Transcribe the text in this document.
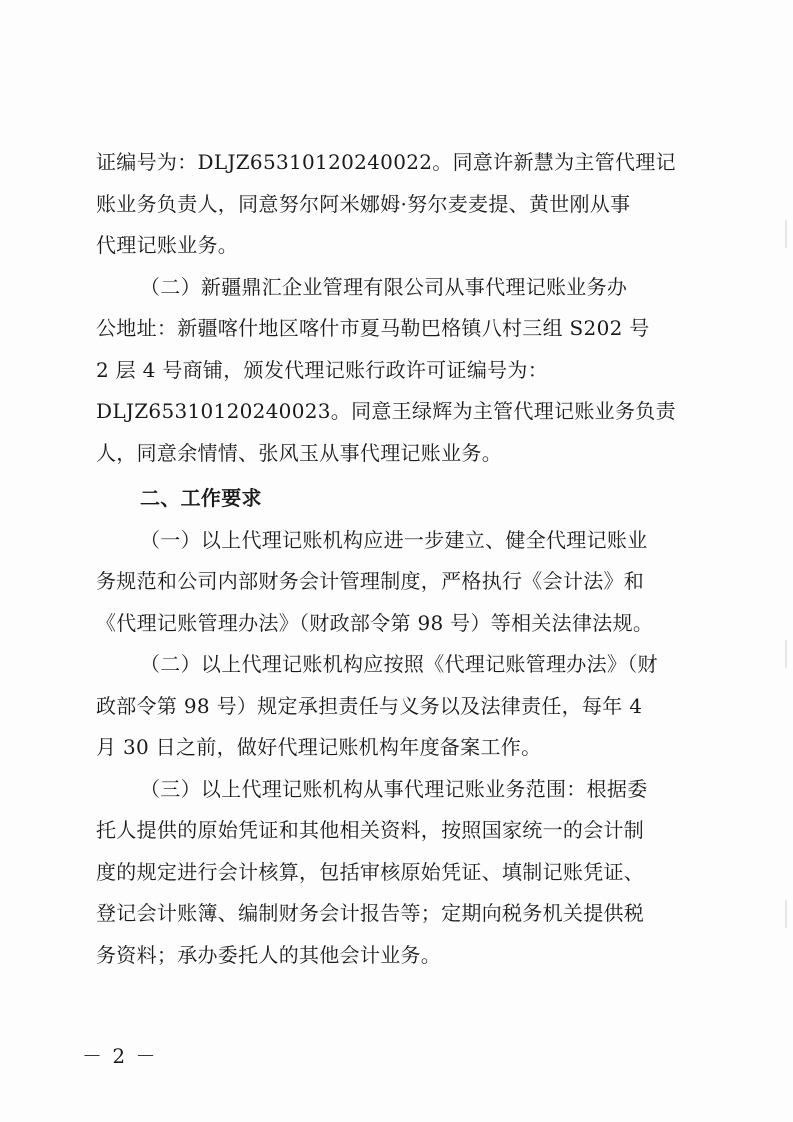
证编号为：DLJZ65310120240022。同意许新慧为主管代理记
账业务负责人，同意努尔阿米娜姆·努尔麦麦提、黄世刚从事
代理记账业务。
（二）新疆鼎汇企业管理有限公司从事代理记账业务办
公地址：新疆喀什地区喀什市夏马勒巴格镇八村三组 S202 号
2 层 4 号商铺，颁发代理记账行政许可证编号为：
DLJZ65310120240023。同意王绿辉为主管代理记账业务负责
人，同意余情情、张风玉从事代理记账业务。
二、工作要求
（一）以上代理记账机构应进一步建立、健全代理记账业
务规范和公司内部财务会计管理制度，严格执行《会计法》和
《代理记账管理办法》（财政部令第 98 号）等相关法律法规。
（二）以上代理记账机构应按照《代理记账管理办法》（财
政部令第 98 号）规定承担责任与义务以及法律责任，每年 4
月 30 日之前，做好代理记账机构年度备案工作。
（三）以上代理记账机构从事代理记账业务范围：根据委
托人提供的原始凭证和其他相关资料，按照国家统一的会计制
度的规定进行会计核算，包括审核原始凭证、填制记账凭证、
登记会计账簿、编制财务会计报告等；定期向税务机关提供税
务资料；承办委托人的其他会计业务。
－ 2 －
